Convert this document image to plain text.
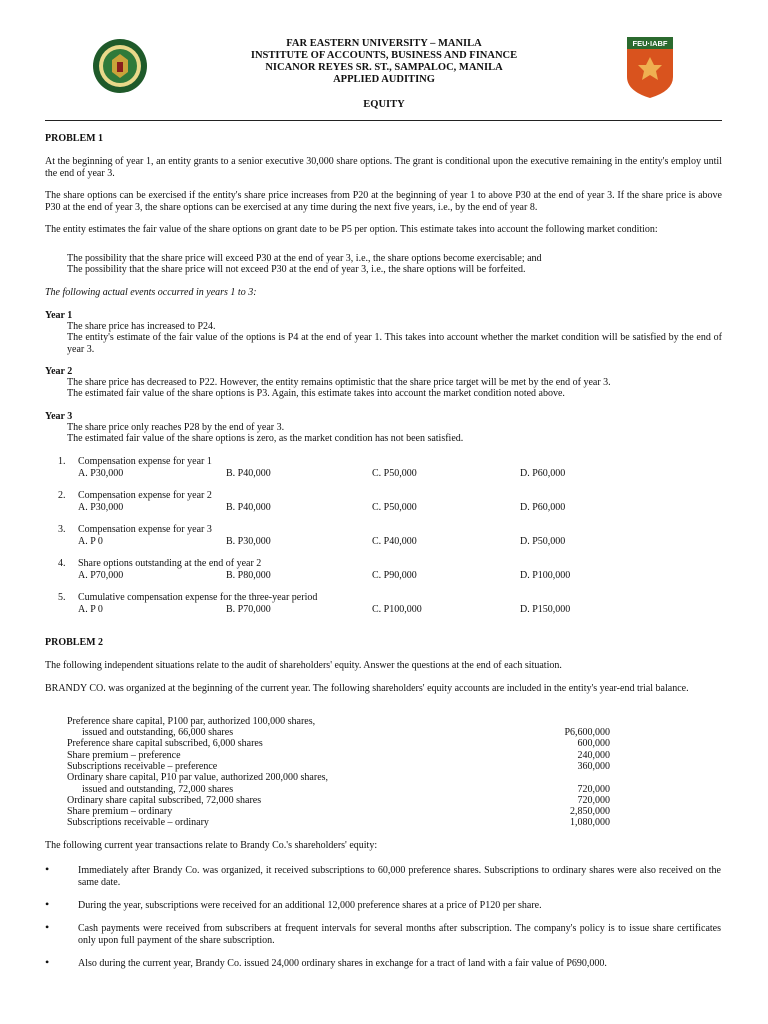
FEU·IABF
FAR EASTERN UNIVERSITY – MANILA
INSTITUTE OF ACCOUNTS, BUSINESS AND FINANCE
NICANOR REYES SR. ST., SAMPALOC, MANILA
APPLIED AUDITING
EQUITY
PROBLEM 1
At the beginning of year 1, an entity grants to a senior executive 30,000 share options. The grant is conditional upon the executive remaining in the entity's employ until the end of year 3.
The share options can be exercised if the entity's share price increases from P20 at the beginning of year 1 to above P30 at the end of year 3. If the share price is above P30 at the end of year 3, the share options can be exercised at any time during the next five years, i.e., by the end of year 8.
The entity estimates the fair value of the share options on grant date to be P5 per option. This estimate takes into account the following market condition:
The possibility that the share price will exceed P30 at the end of year 3, i.e., the share options become exercisable; and
The possibility that the share price will not exceed P30 at the end of year 3, i.e., the share options will be forfeited.
The following actual events occurred in years 1 to 3:
Year 1
The share price has increased to P24.
The entity's estimate of the fair value of the options is P4 at the end of year 1. This takes into account whether the market condition will be satisfied by the end of year 3.
Year 2
The share price has decreased to P22. However, the entity remains optimistic that the share price target will be met by the end of year 3.
The estimated fair value of the share options is P3. Again, this estimate takes into account the market condition noted above.
Year 3
The share price only reaches P28 by the end of year 3.
The estimated fair value of the share options is zero, as the market condition has not been satisfied.
1. Compensation expense for year 1
A. P30,000	B. P40,000	C. P50,000	D. P60,000
2. Compensation expense for year 2
A. P30,000	B. P40,000	C. P50,000	D. P60,000
3. Compensation expense for year 3
A. P 0	B. P30,000	C. P40,000	D. P50,000
4. Share options outstanding at the end of year 2
A. P70,000	B. P80,000	C. P90,000	D. P100,000
5. Cumulative compensation expense for the three-year period
A. P 0	B. P70,000	C. P100,000	D. P150,000
PROBLEM 2
The following independent situations relate to the audit of shareholders' equity. Answer the questions at the end of each situation.
BRANDY CO. was organized at the beginning of the current year. The following shareholders' equity accounts are included in the entity's year-end trial balance.
Preference share capital, P100 par, authorized 100,000 shares,
issued and outstanding, 66,000 shares	P6,600,000
Preference share capital subscribed, 6,000 shares	600,000
Share premium – preference	240,000
Subscriptions receivable – preference	360,000
Ordinary share capital, P10 par value, authorized 200,000 shares,
issued and outstanding, 72,000 shares	720,000
Ordinary share capital subscribed, 72,000 shares	720,000
Share premium – ordinary	2,850,000
Subscriptions receivable – ordinary	1,080,000
The following current year transactions relate to Brandy Co.'s shareholders' equity:
•	Immediately after Brandy Co. was organized, it received subscriptions to 60,000 preference shares. Subscriptions to ordinary shares were also received on the same date.
•	During the year, subscriptions were received for an additional 12,000 preference shares at a price of P120 per share.
•	Cash payments were received from subscribers at frequent intervals for several months after subscription. The company's policy is to issue share certificates only upon full payment of the share subscription.
•	Also during the current year, Brandy Co. issued 24,000 ordinary shares in exchange for a tract of land with a fair value of P690,000.
